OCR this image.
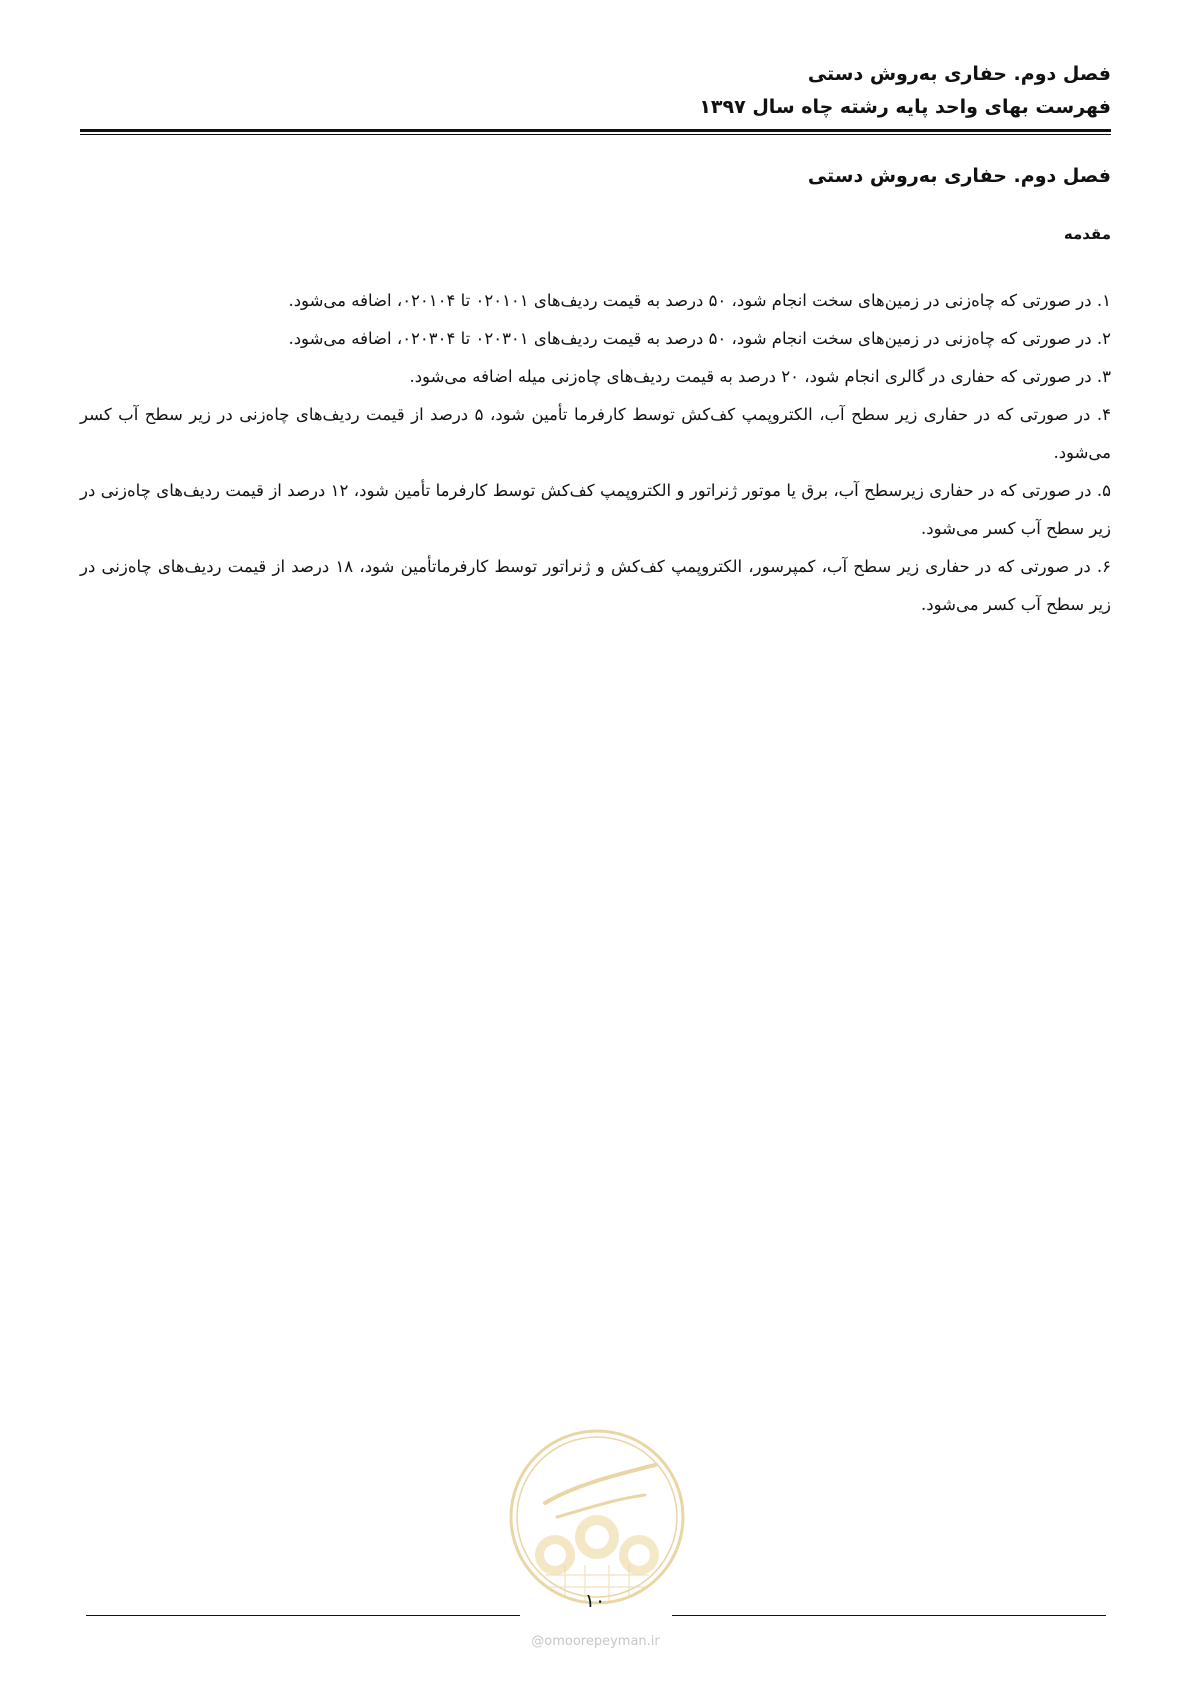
فصل دوم. حفاری به‌روش دستی
فهرست بهای واحد پایه رشته چاه سال ۱۳۹۷
فصل دوم. حفاری به‌روش دستی
مقدمه
۱. در صورتی که چاه‌زنی در زمین‌های سخت انجام شود، ۵۰ درصد به قیمت ردیف‌های ۰۲۰۱۰۱ تا ۰۲۰۱۰۴، اضافه می‌شود.
۲. در صورتی که چاه‌زنی در زمین‌های سخت انجام شود، ۵۰ درصد به قیمت ردیف‌های ۰۲۰۳۰۱ تا ۰۲۰۳۰۴، اضافه می‌شود.
۳. در صورتی که حفاری در گالری انجام شود، ۲۰ درصد به قیمت ردیف‌های چاه‌زنی میله اضافه می‌شود.
۴. در صورتی که در حفاری زیر سطح آب، الکتروپمپ کف‌کش توسط کارفرما تأمین شود، ۵ درصد از قیمت ردیف‌های چاه‌زنی در زیر سطح آب کسر می‌شود.
۵. در صورتی که در حفاری زیرسطح آب، برق یا موتور ژنراتور و الکتروپمپ کف‌کش توسط کارفرما تأمین شود، ۱۲ درصد از قیمت ردیف‌های چاه‌زنی در زیر سطح آب کسر می‌شود.
۶. در صورتی که در حفاری زیر سطح آب، کمپرسور، الکتروپمپ کف‌کش و ژنراتور توسط کارفرماتأمین شود، ۱۸ درصد از قیمت ردیف‌های چاه‌زنی در زیر سطح آب کسر می‌شود.
۱۰
@omoorepeyman.ir
